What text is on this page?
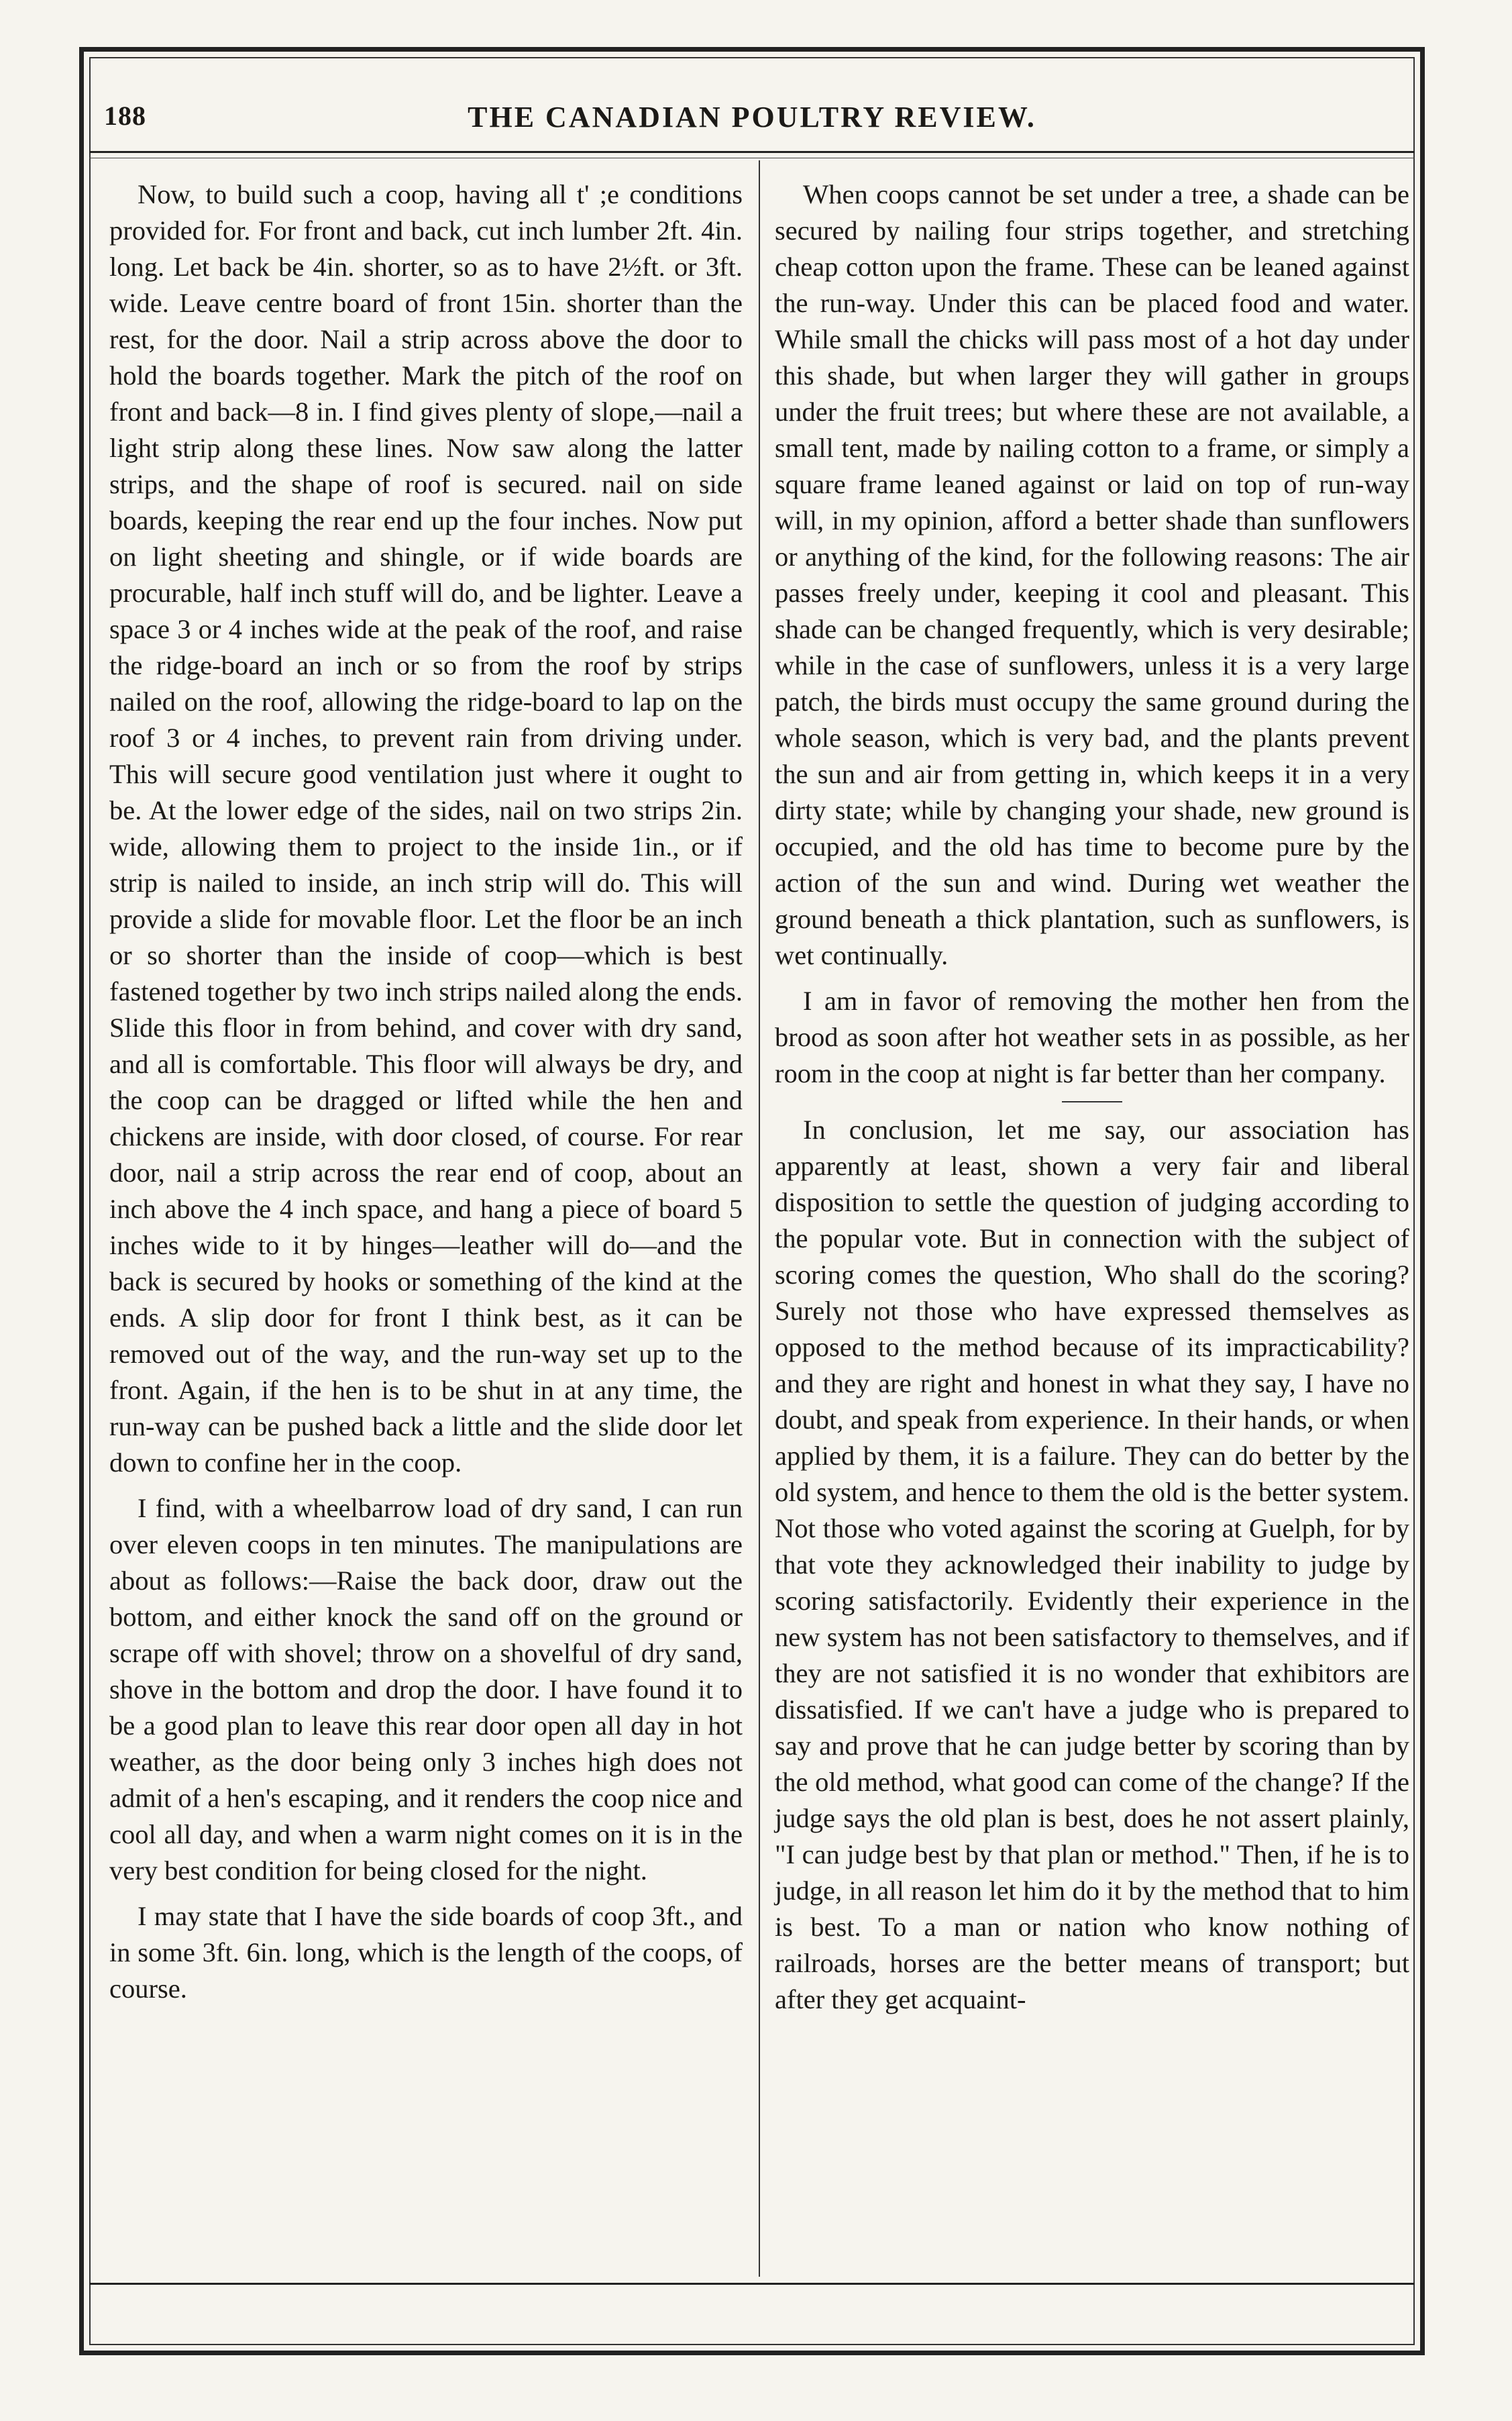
188	THE CANADIAN POULTRY REVIEW.

Now, to build such a coop, having all t' ;e conditions provided for. For front and back, cut inch lumber 2ft. 4in. long. Let back be 4in. shorter, so as to have 2½ft. or 3ft. wide. Leave centre board of front 15in. shorter than the rest, for the door. Nail a strip across above the door to hold the boards together. Mark the pitch of the roof on front and back—8 in. I find gives plenty of slope,—nail a light strip along these lines. Now saw along the latter strips, and the shape of roof is secured. nail on side boards, keeping the rear end up the four inches. Now put on light sheeting and shingle, or if wide boards are procurable, half inch stuff will do, and be lighter. Leave a space 3 or 4 inches wide at the peak of the roof, and raise the ridge-board an inch or so from the roof by strips nailed on the roof, allowing the ridge-board to lap on the roof 3 or 4 inches, to prevent rain from driving under. This will secure good ventilation just where it ought to be. At the lower edge of the sides, nail on two strips 2in. wide, allowing them to project to the inside 1in., or if strip is nailed to inside, an inch strip will do. This will provide a slide for movable floor. Let the floor be an inch or so shorter than the inside of coop—which is best fastened together by two inch strips nailed along the ends. Slide this floor in from behind, and cover with dry sand, and all is comfortable. This floor will always be dry, and the coop can be dragged or lifted while the hen and chickens are inside, with door closed, of course. For rear door, nail a strip across the rear end of coop, about an inch above the 4 inch space, and hang a piece of board 5 inches wide to it by hinges—leather will do—and the back is secured by hooks or something of the kind at the ends. A slip door for front I think best, as it can be removed out of the way, and the run-way set up to the front. Again, if the hen is to be shut in at any time, the run-way can be pushed back a little and the slide door let down to confine her in the coop.

I find, with a wheelbarrow load of dry sand, I can run over eleven coops in ten minutes. The manipulations are about as follows:—Raise the back door, draw out the bottom, and either knock the sand off on the ground or scrape off with shovel; throw on a shovelful of dry sand, shove in the bottom and drop the door. I have found it to be a good plan to leave this rear door open all day in hot weather, as the door being only 3 inches high does not admit of a hen's escaping, and it renders the coop nice and cool all day, and when a warm night comes on it is in the very best condition for being closed for the night.

I may state that I have the side boards of coop 3ft., and in some 3ft. 6in. long, which is the length of the coops, of course.

When coops cannot be set under a tree, a shade can be secured by nailing four strips together, and stretching cheap cotton upon the frame. These can be leaned against the run-way. Under this can be placed food and water. While small the chicks will pass most of a hot day under this shade, but when larger they will gather in groups under the fruit trees; but where these are not available, a small tent, made by nailing cotton to a frame, or simply a square frame leaned against or laid on top of run-way will, in my opinion, afford a better shade than sunflowers or anything of the kind, for the following reasons: The air passes freely under, keeping it cool and pleasant. This shade can be changed frequently, which is very desirable; while in the case of sunflowers, unless it is a very large patch, the birds must occupy the same ground during the whole season, which is very bad, and the plants prevent the sun and air from getting in, which keeps it in a very dirty state; while by changing your shade, new ground is occupied, and the old has time to become pure by the action of the sun and wind. During wet weather the ground beneath a thick plantation, such as sunflowers, is wet continually.

I am in favor of removing the mother hen from the brood as soon after hot weather sets in as possible, as her room in the coop at night is far better than her company.

In conclusion, let me say, our association has apparently at least, shown a very fair and liberal disposition to settle the question of judging according to the popular vote. But in connection with the subject of scoring comes the question, Who shall do the scoring? Surely not those who have expressed themselves as opposed to the method because of its impracticability? and they are right and honest in what they say, I have no doubt, and speak from experience. In their hands, or when applied by them, it is a failure. They can do better by the old system, and hence to them the old is the better system. Not those who voted against the scoring at Guelph, for by that vote they acknowledged their inability to judge by scoring satisfactorily. Evidently their experience in the new system has not been satisfactory to themselves, and if they are not satisfied it is no wonder that exhibitors are dissatisfied. If we can't have a judge who is prepared to say and prove that he can judge better by scoring than by the old method, what good can come of the change? If the judge says the old plan is best, does he not assert plainly, "I can judge best by that plan or method." Then, if he is to judge, in all reason let him do it by the method that to him is best. To a man or nation who know nothing of railroads, horses are the better means of transport; but after they get acquaint-
